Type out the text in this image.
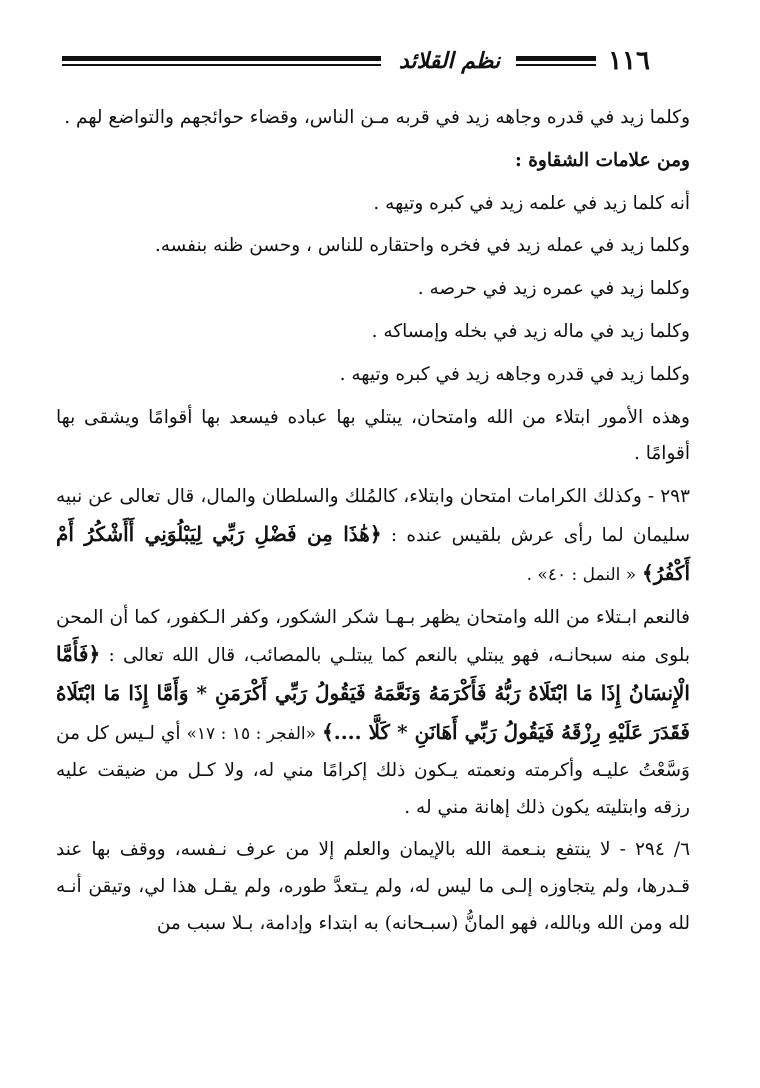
١١٦
نظم القلائد

وكلما زيد في قدره وجاهه زيد في قربه مـن الناس، وقضاء حوائجهم والتواضع لهم .

ومن علامات الشقاوة :

أنه كلما زيد في علمه زيد في كبره وتيهه .

وكلما زيد في عمله زيد في فخره واحتقاره للناس ، وحسن ظنه بنفسه.

وكلما زيد في عمره زيد في حرصه .

وكلما زيد في ماله زيد في بخله وإمساكه .

وكلما زيد في قدره وجاهه زيد في كبره وتيهه .

وهذه الأمور ابتلاء من الله وامتحان، يبتلي بها عباده فيسعد بها أقوامًا ويشقى بها أقوامًا .

٢٩٣ - وكذلك الكرامات امتحان وابتلاء، كالمُلك والسلطان والمال، قال تعالى عن نبيه سليمان لما رأى عرش بلقيس عنده : ﴿هَٰذَا مِن فَضْلِ رَبِّي لِيَبْلُوَنِي أَأَشْكُرُ أَمْ أَكْفُرُ﴾ « النمل : ٤٠» .

فالنعم ابـتلاء من الله وامتحان يظهر بـهـا شكر الشكور، وكفر الـكفور، كما أن المحن بلوى منه سبحانـه، فهو يبتلي بالنعم كما يبتلـي بالمصائب، قال الله تعالى : ﴿فَأَمَّا الْإِنسَانُ إِذَا مَا ابْتَلَاهُ رَبُّهُ فَأَكْرَمَهُ وَنَعَّمَهُ فَيَقُولُ رَبِّي أَكْرَمَنِ * وَأَمَّا إِذَا مَا ابْتَلَاهُ فَقَدَرَ عَلَيْهِ رِزْقَهُ فَيَقُولُ رَبِّي أَهَانَنِ * كَلَّا ....﴾ «الفجر : ١٥ : ١٧» أي لـيس كل من وَسَّعْتُ عليـه وأكرمته ونعمته يـكون ذلك إكرامًا مني له، ولا كـل من ضيقت عليه رزقه وابتليته يكون ذلك إهانة مني له .

٦/ ٢٩٤ - لا ينتفع بنـعمة الله بالإيمان والعلم إلا من عرف نـفسه، ووقف بها عند قـدرها، ولم يتجاوزه إلـى ما ليس له، ولم يـتعدَّ طوره، ولم يقـل هذا لي، وتيقن أنـه لله ومن الله وبالله، فهو المانُّ (سبـحانه) به ابتداء وإدامة، بـلا سبب من
